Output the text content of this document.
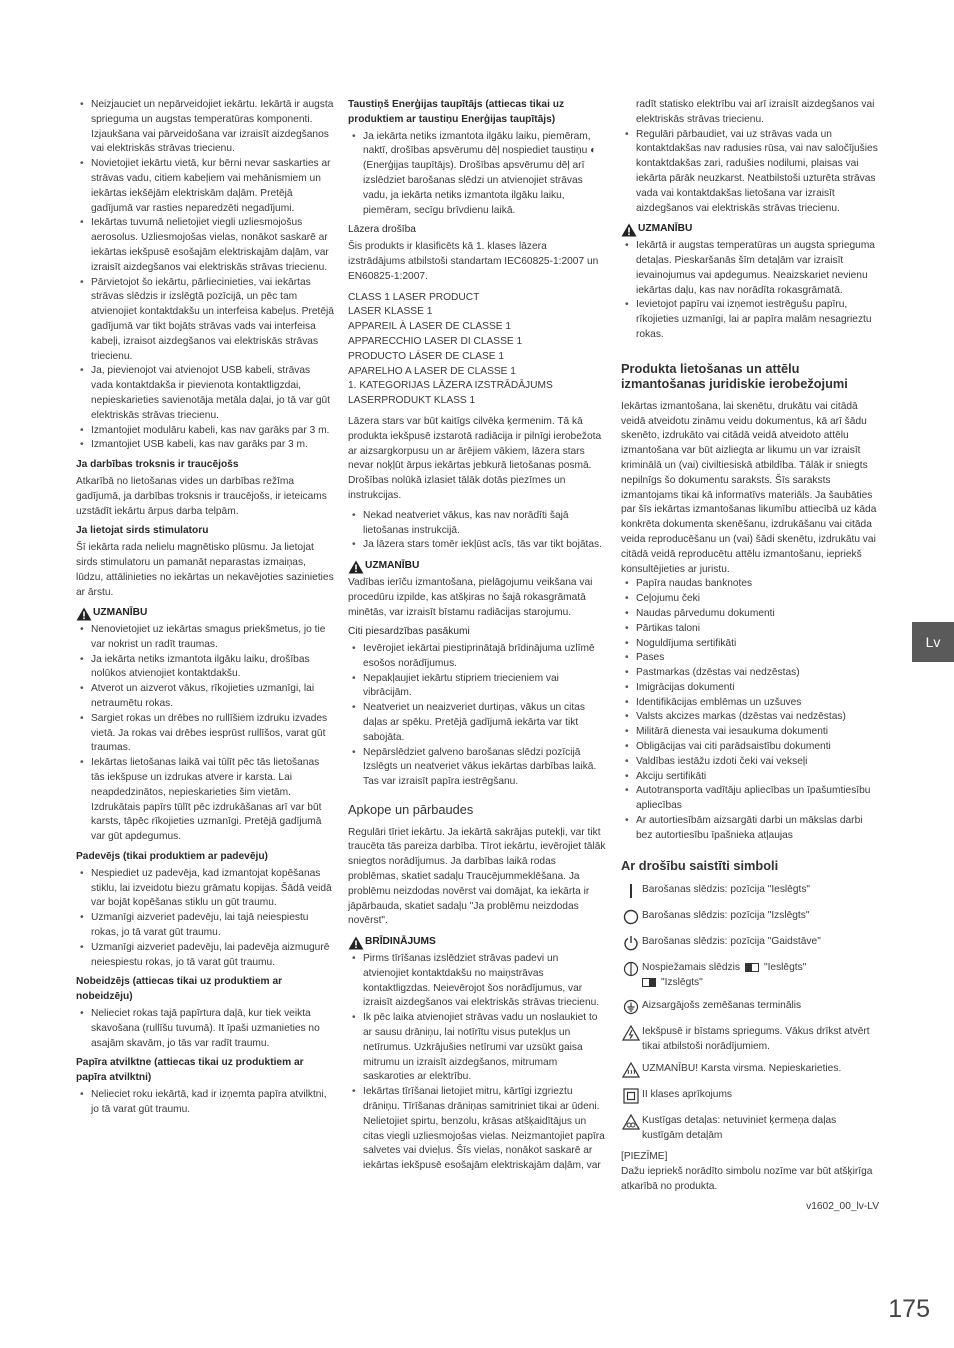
• Neizjauciet un nepārveidojiet iekārtu. Iekārtā ir augsta sprieguma un augstas temperatūras komponenti. Izjaukšana vai pārveidošana var izraisīt aizdegšanos vai elektriskās strāvas triecienu.
• Novietojiet iekārtu vietā, kur bērni nevar saskarties ar strāvas vadu, citiem kabeļiem vai mehānismiem un iekārtas iekšējām elektriskām daļām. Pretējā gadījumā var rasties neparedzēti negadījumi.
• Iekārtas tuvumā nelietojiet viegli uzliesmojošus aerosolus. Uzliesmojošas vielas, nonākot saskarē ar iekārtas iekšpusē esošajām elektriskajām daļām, var izraisīt aizdegšanos vai elektriskās strāvas triecienu.
• Pārvietojot šo iekārtu, pārliecinieties, vai iekārtas strāvas slēdzis ir izslēgtā pozīcijā, un pēc tam atvienojiet kontaktdakšu un interfeisa kabeļus. Pretējā gadījumā var tikt bojāts strāvas vads vai interfeisa kabeļi, izraisot aizdegšanos vai elektriskās strāvas triecienu.
• Ja, pievienojot vai atvienojot USB kabeli, strāvas vada kontaktdakša ir pievienota kontaktligzdai, nepieskarieties savienotāja metāla daļai, jo tā var gūt elektriskās strāvas triecienu.
• Izmantojiet modulāru kabeli, kas nav garāks par 3 m.
• Izmantojiet USB kabeli, kas nav garāks par 3 m.
Ja darbības troksnis ir traucējošs

Atkarībā no lietošanas vides un darbības režīma gadījumā, ja darbības troksnis ir traucējošs, ir ieteicams uzstādīt iekārtu ārpus darba telpām.

Ja lietojat sirds stimulatoru

Šī iekārta rada nelielu magnētisko plūsmu. Ja lietojat sirds stimulatoru un pamanāt neparastas izmaiņas, lūdzu, attālinieties no iekārtas un nekavējoties sazinieties ar ārstu.

UZMANĪBU
• Nenovietojiet uz iekārtas smagus priekšmetus, jo tie var nokrist un radīt traumas.
• Ja iekārta netiks izmantota ilgāku laiku, drošības nolūkos atvienojiet kontaktdakšu.
• Atverot un aizverot vākus, rīkojieties uzmanīgi, lai netraumētu rokas.
• Sargiet rokas un drēbes no rullīšiem izdruku izvades vietā. Ja rokas vai drēbes iesprūst rullīšos, varat gūt traumas.
• Iekārtas lietošanas laikā vai tūlīt pēc tās lietošanas tās iekšpuse un izdrukas atvere ir karsta. Lai neapdedzinātos, nepieskarieties šim vietām. Izdrukātais papīrs tūlīt pēc izdrukāšanas arī var būt karsts, tāpēc rīkojieties uzmanīgi. Pretējā gadījumā var gūt apdegumus.
Padevējs (tikai produktiem ar padevēju)
• Nespiediet uz padevēja, kad izmantojat kopēšanas stiklu, lai izveidotu biezu grāmatu kopijas. Šādā veidā var bojāt kopēšanas stiklu un gūt traumu.
• Uzmanīgi aizveriet padevēju, lai tajā neiespiestu rokas, jo tā varat gūt traumu.
• Uzmanīgi aizveriet padevēju, lai padevēja aizmugurē neiespiestu rokas, jo tā varat gūt traumu.
Nobeidzējs (attiecas tikai uz produktiem ar nobeidzēju)
• Nelieciet rokas tajā papīrtura daļā, kur tiek veikta skavošana (rullīšu tuvumā). It īpaši uzmanieties no asajām skavām, jo tās var radīt traumu.
Papīra atvilktne (attiecas tikai uz produktiem ar papīra atvilktni)
• Nelieciet roku iekārtā, kad ir izņemta papīra atvilktni, jo tā varat gūt traumu.
Taustiņš Enerģijas taupītājs (attiecas tikai uz produktiem ar taustiņu Enerģijas taupītājs)
• Ja iekārta netiks izmantota ilgāku laiku, piemēram, naktī, drošības apsvērumu dēļ nospiediet taustiņu ◐ (Enerģijas taupītājs). Drošības apsvērumu dēļ arī izslēdziet barošanas slēdzi un atvienojiet strāvas vadu, ja iekārta netiks izmantota ilgāku laiku, piemēram, secīgu brīvdienu laikā.
Lāzera drošība

Šis produkts ir klasificēts kā 1. klases lāzera izstrādājums atbilstoši standartam IEC60825-1:2007 un EN60825-1:2007.

CLASS 1 LASER PRODUCT
LASER KLASSE 1
APPAREIL À LASER DE CLASSE 1
APPARECCHIO LASER DI CLASSE 1
PRODUCTO LÁSER DE CLASE 1
APARELHO A LASER DE CLASSE 1
1. KATEGORIJAS LĀZERA IZSTRĀDĀJUMS
LASERPRODUKT KLASS 1

Lāzera stars var būt kaitīgs cilvēka ķermenim. Tā kā produkta iekšpusē izstarotā radiācija ir pilnīgi ierobežota ar aizsargkorpusu un ar ārējiem vākiem, lāzera stars nevar noķļūt ārpus iekārtas jebkurā lietošanas posmā. Drošības nolūkā izlasiet tālāk dotās piezīmes un instrukcijas.

• Nekad neatveriet vākus, kas nav norādīti šajā lietošanas instrukcijā.
• Ja lāzera stars tomēr iekļūst acīs, tās var tikt bojātas.
UZMANĪBU

Vadības ierīču izmantošana, pielāgojumu veikšana vai procedūru izpilde, kas atšķiras no šajā rokasgrāmatā minētās, var izraisīt bīstamu radiācijas starojumu.

Citi piesardzības pasākumi
• Ievērojiet iekārtai piestiprinātajā brīdinājuma uzlīmē esošos norādījumus.
• Nepakļaujiet iekārtu stipriem triecieniem vai vibrācijām.
• Neatveriet un neaizveriet durtiņas, vākus un citas daļas ar spēku. Pretējā gadījumā iekārta var tikt sabojāta.
• Nepārslēdziet galveno barošanas slēdzi pozīcijā Izslēgts un neatveriet vākus iekārtas darbības laikā. Tas var izraisīt papīra iestrēgšanu.
Apkope un pārbaudes

Regulāri tīriet iekārtu. Ja iekārtā sakrājas putekļi, var tikt traucēta tās pareiza darbība. Tīrot iekārtu, ievērojiet tālāk sniegtos norādījumus. Ja darbības laikā rodas problēmas, skatiet sadaļu Traucējummeklēšana. Ja problēmu neizdodas novērst vai domājat, ka iekārta ir jāpārbauda, skatiet sadaļu "Ja problēmu neizdodas novērst".

BRĪDINĀJUMS
• Pirms tīrīšanas izslēdziet strāvas padevi un atvienojiet kontaktdakšu no maiņstrāvas kontaktligzdas. Neievērojot šos norādījumus, var izraisīt aizdegšanos vai elektriskās strāvas triecienu.
• Ik pēc laika atvienojiet strāvas vadu un noslaukiet to ar sausu drāniņu, lai notīrītu visus putekļus un netīrumus. Uzkrājušies netīrumi var uzsūkt gaisa mitrumu un izraisīt aizdegšanos, mitrumam saskaroties ar elektrību.
• Iekārtas tīrīšanai lietojiet mitru, kārtīgi izgrieztu drāniņu. Tīrīšanas drāniņas samitriniet tikai ar ūdeni. Nelietojiet spirtu, benzolu, krāsas atšķaidītājus un citas viegli uzliesmojošas vielas. Neizmantojiet papīra salvetes vai dvieļus. Šīs vielas, nonākot saskarē ar iekārtas iekšpusē esošajām elektriskajām daļām, var

radīt statisko elektrību vai arī izraisīt aizdegšanos vai elektriskās strāvas triecienu.

• Regulāri pārbaudiet, vai uz strāvas vada un kontaktdakšas nav radusies rūsa, vai nav saločījušies kontaktdakšas zari, radušies nodilumi, plaisas vai iekārta pārāk neuzkarst. Neatbilstoši uzturēta strāvas vada vai kontaktdakšas lietošana var izraisīt aizdegšanos vai elektriskās strāvas triecienu.
UZMANĪBU
• Iekārtā ir augstas temperatūras un augsta sprieguma detaļas. Pieskaršanās šīm detaļām var izraisīt ievainojumus vai apdegumus. Neaizskariet nevienu iekārtas daļu, kas nav norādīta rokasgrāmatā.
• Ievietojot papīru vai izņemot iestrēgušu papīru, rīkojieties uzmanīgi, lai ar papīra malām nesagrieztu rokas.
Produkta lietošanas un attēlu izmantošanas juridiskie ierobežojumi

Iekārtas izmantošana, lai skenētu, drukātu vai citādā veidā atveidotu zināmu veidu dokumentus, kā arī šādu skenēto, izdrukāto vai citādā veidā atveidoto attēlu izmantošana var būt aizliegta ar likumu un var izraisīt kriminālā un (vai) civiltiesiskā atbildība. Tālāk ir sniegts nepilnīgs šo dokumentu saraksts. Šīs saraksts izmantojams tikai kā informatīvs materiāls. Ja šaubāties par šīs iekārtas izmantošanas likumību attiecībā uz kāda konkrēta dokumenta skenēšanu, izdrukāšanu vai citāda veida reproducēšanu un (vai) šādi skenētu, izdrukātu vai citādā veidā reproducētu attēlu izmantošanu, iepriekš konsultējieties ar juristu.

• Papīra naudas banknotes
• Ceļojumu čeki
• Naudas pārvedumu dokumenti
• Pārtikas taloni
• Noguldījuma sertifikāti
• Pases
• Pastmarkas (dzēstas vai nedzēstas)
• Imigrācijas dokumenti
• Identifikācijas emblēmas un uzšuves
• Valsts akcizes markas (dzēstas vai nedzēstas)
• Militārā dienesta vai iesaukuma dokumenti
• Obligācijas vai citi parādsaistību dokumenti
• Valdības iestāžu izdoti čeki vai vekseļi
• Akciju sertifikāti
• Autotransporta vadītāju apliecības un īpašumtiesību apliecības
• Ar autortiesībām aizsargāti darbi un mākslas darbi bez autortiesību īpašnieka atļaujas
Ar drošību saistīti simboli
Barošanas slēdzis: pozīcija "Ieslēgts"
Barošanas slēdzis: pozīcija "Izslēgts"
Barošanas slēdzis: pozīcija "Gaidstāve"
Nospiežamais slēdzis "Ieslēgts"
"Izslēgts"
Aizsargājošs zemēšanas terminālis
Iekšpusē ir bīstams spriegums. Vākus drīkst atvērt tikai atbilstoši norādījumiem.
UZMANĪBU! Karsta virsma. Nepieskarieties.
II klases aprīkojums
Kustīgas detaļas: netuviniet ķermeņa daļas kustīgām detaļām
[PIEZĪME]

Dažu iepriekš norādīto simbolu nozīme var būt atšķirīga atkarībā no produkta.

v1602_00_lv-LV
Lv
175
